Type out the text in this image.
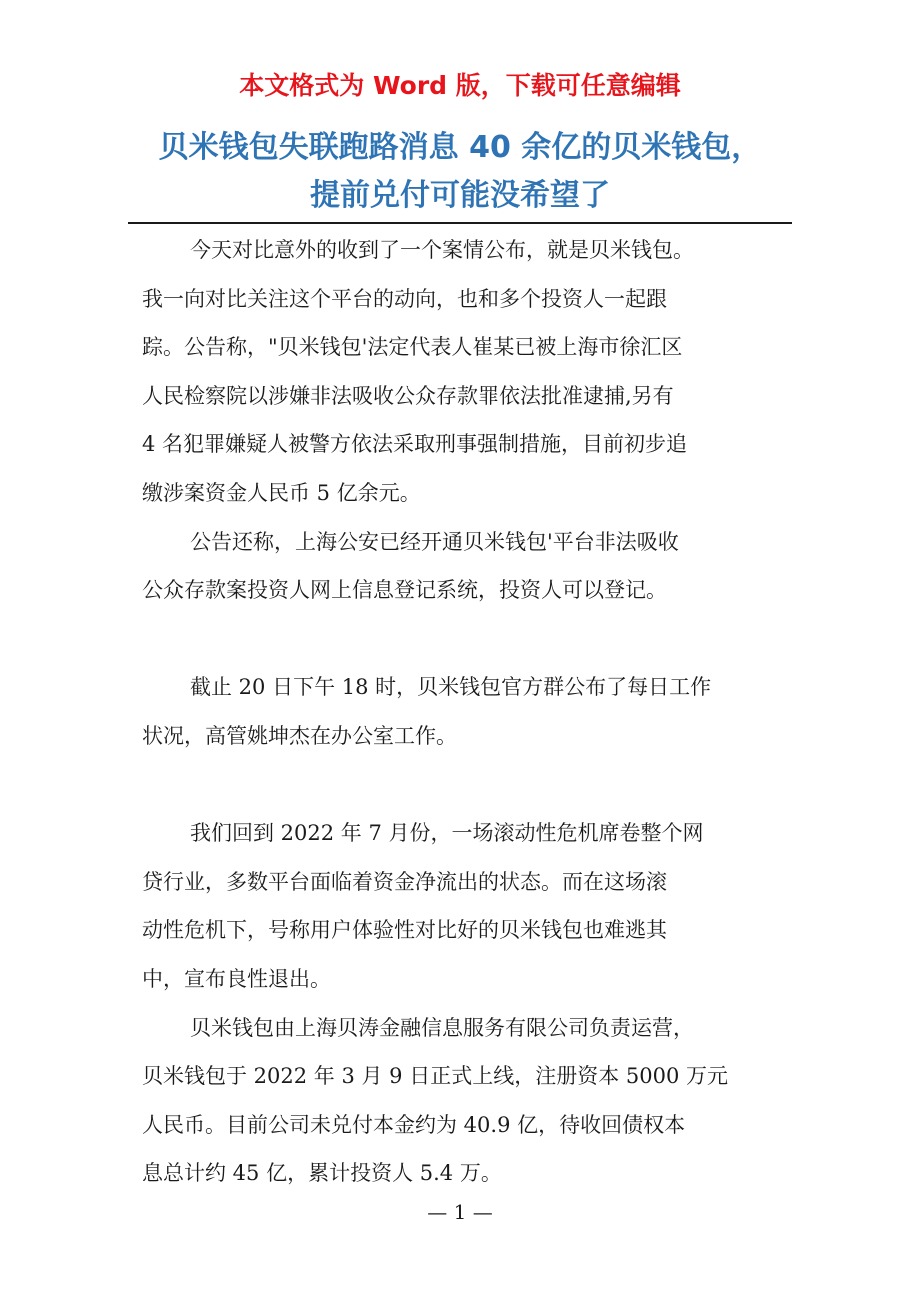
本文格式为 Word 版，下载可任意编辑
贝米钱包失联跑路消息 40 余亿的贝米钱包，
提前兑付可能没希望了
今天对比意外的收到了一个案情公布，就是贝米钱包。
我一向对比关注这个平台的动向，也和多个投资人一起跟
踪。公告称，"贝米钱包'法定代表人崔某已被上海市徐汇区
人民检察院以涉嫌非法吸收公众存款罪依法批准逮捕,另有
4 名犯罪嫌疑人被警方依法采取刑事强制措施，目前初步追
缴涉案资金人民币 5 亿余元。
公告还称，上海公安已经开通贝米钱包'平台非法吸收
公众存款案投资人网上信息登记系统，投资人可以登记。
截止 20 日下午 18 时，贝米钱包官方群公布了每日工作
状况，高管姚坤杰在办公室工作。
我们回到 2022 年 7 月份，一场滚动性危机席卷整个网
贷行业，多数平台面临着资金净流出的状态。而在这场滚
动性危机下，号称用户体验性对比好的贝米钱包也难逃其
中，宣布良性退出。
贝米钱包由上海贝涛金融信息服务有限公司负责运营，
贝米钱包于 2022 年 3 月 9 日正式上线，注册资本 5000 万元
人民币。目前公司未兑付本金约为 40.9 亿，待收回债权本
息总计约 45 亿，累计投资人 5.4 万。
— 1 —
